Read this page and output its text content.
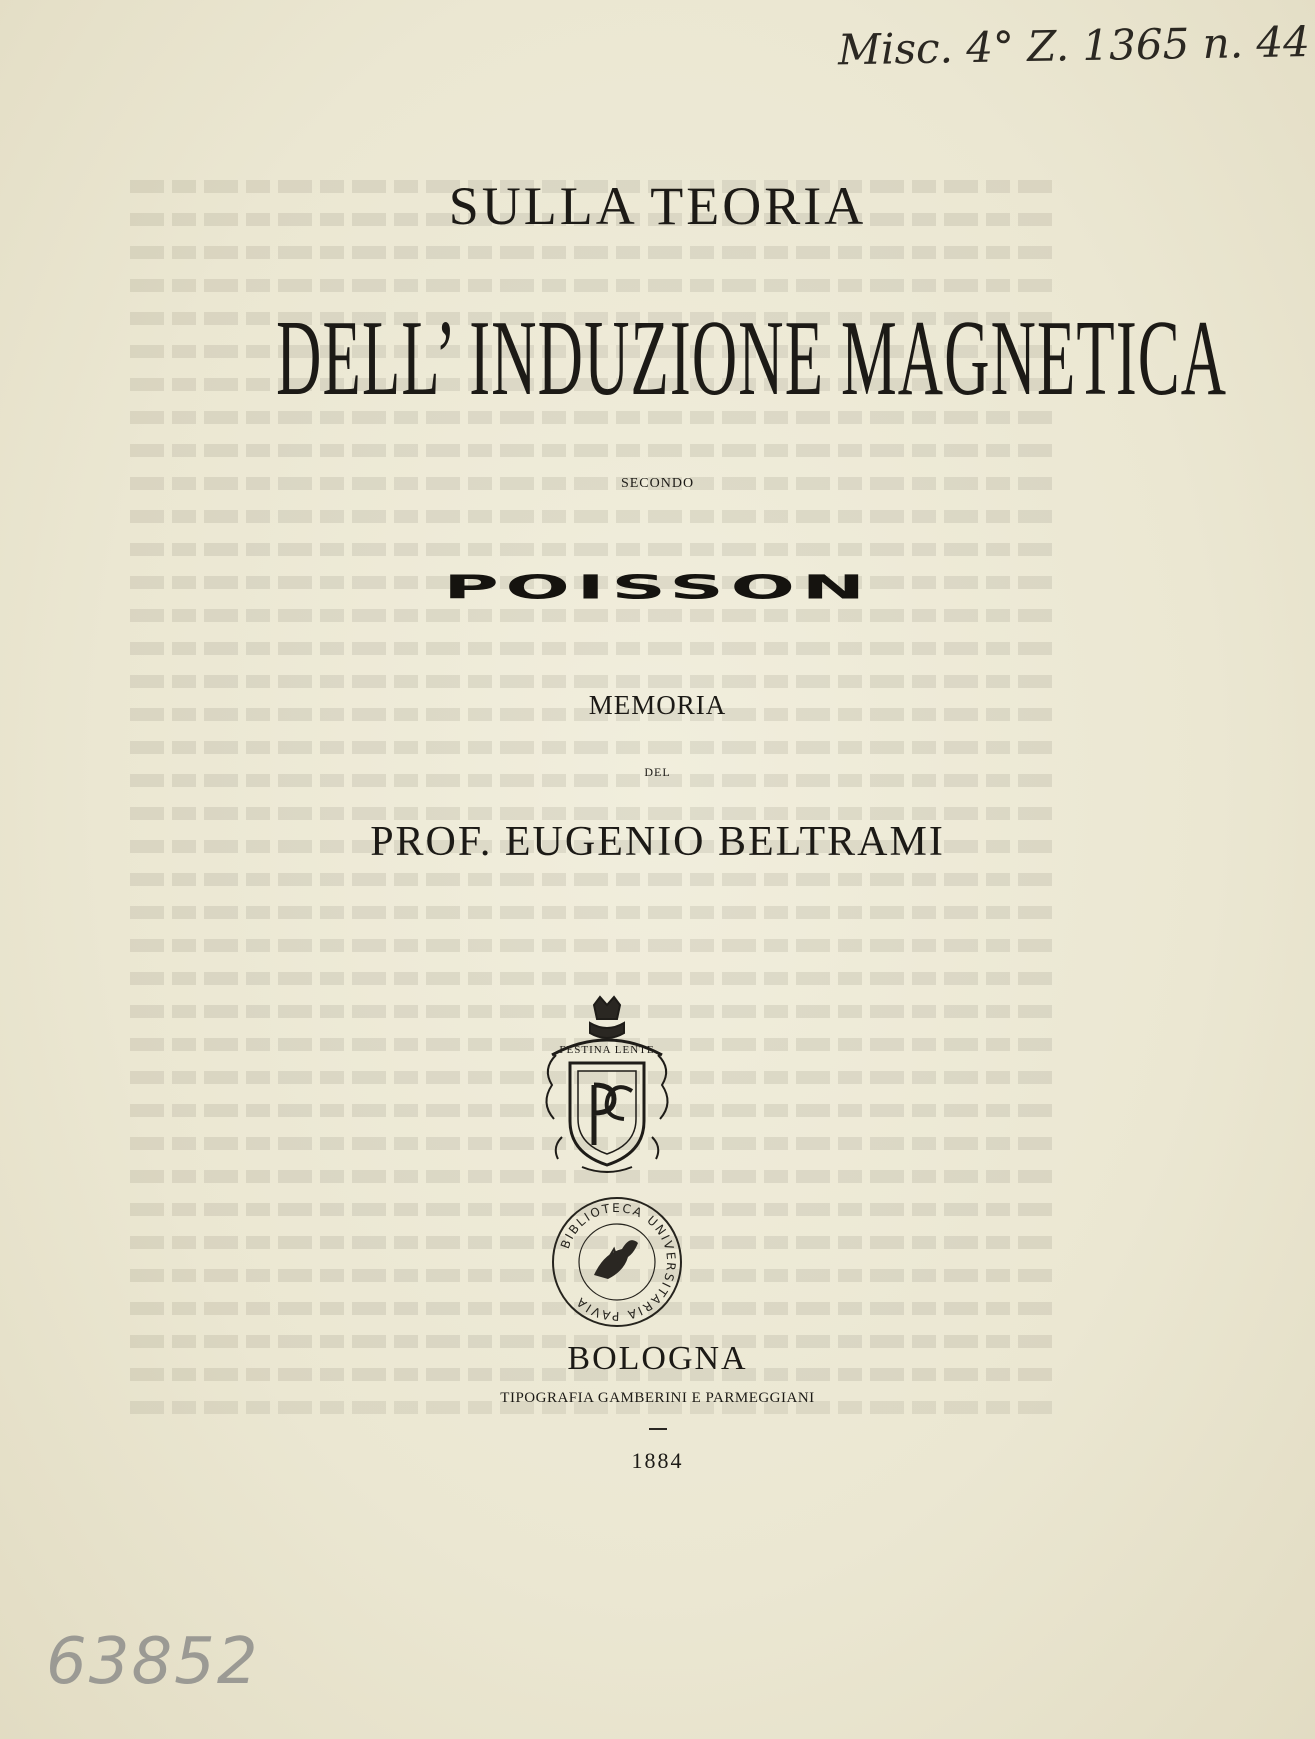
Misc. 4° Z. 1365 n. 44
SULLA TEORIA
DELL’ INDUZIONE MAGNETICA
SECONDO
POISSON
MEMORIA
DEL
PROF. EUGENIO BELTRAMI
FESTINA LENTE
BIBLIOTECA UNIVERSITARIA PAVIA
BOLOGNA
TIPOGRAFIA GAMBERINI E PARMEGGIANI
1884
63852
